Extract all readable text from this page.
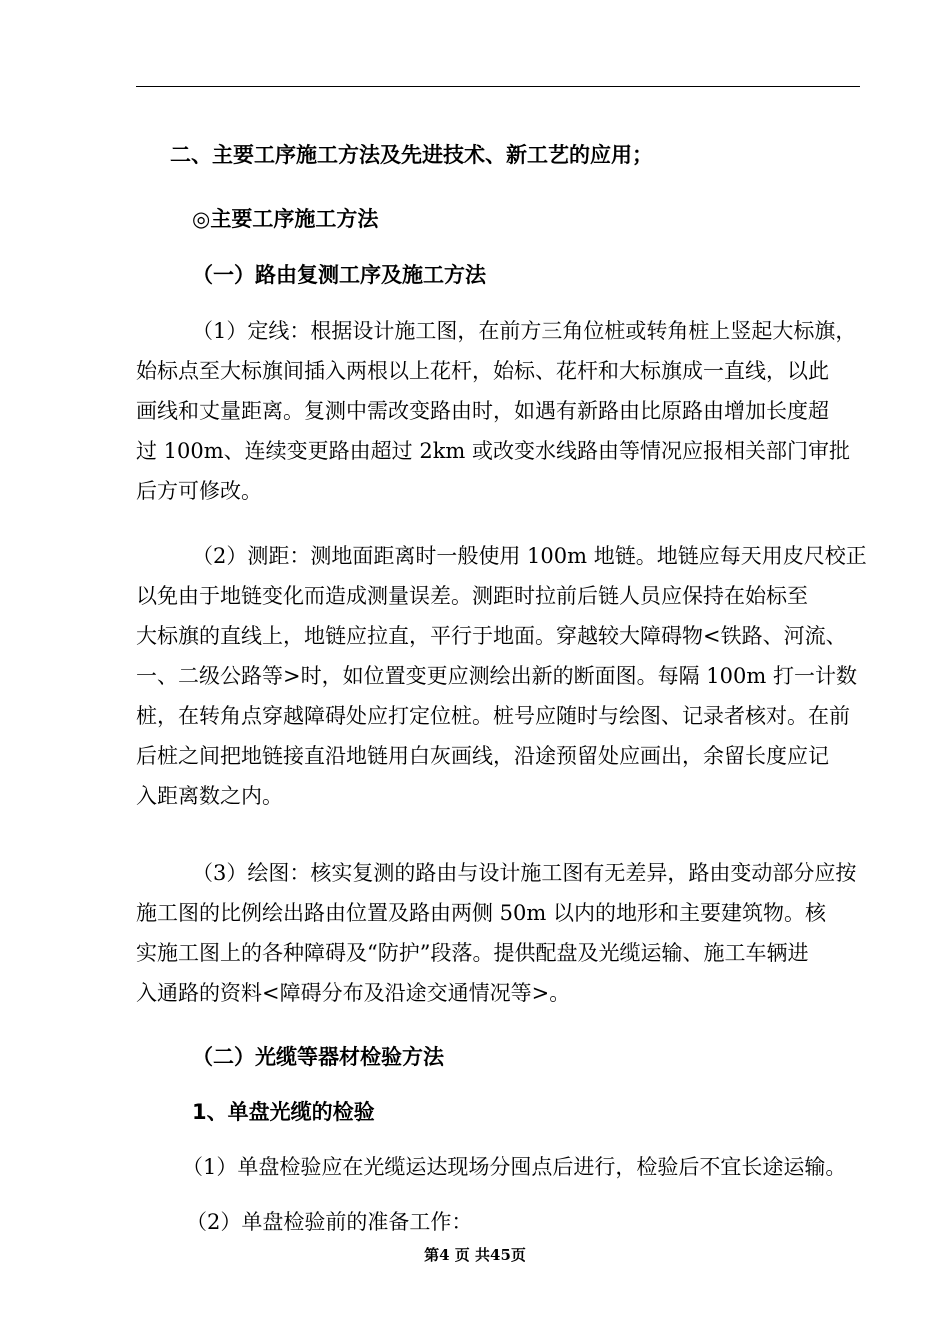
二、主要工序施工方法及先进技术、新工艺的应用；
◎主要工序施工方法
（一）路由复测工序及施工方法
（1）定线：根据设计施工图，在前方三角位桩或转角桩上竖起大标旗，
始标点至大标旗间插入两根以上花杆，始标、花杆和大标旗成一直线，以此
画线和丈量距离。复测中需改变路由时，如遇有新路由比原路由增加长度超
过 100m、连续变更路由超过 2km 或改变水线路由等情况应报相关部门审批
后方可修改。
（2）测距：测地面距离时一般使用 100m 地链。地链应每天用皮尺校正
以免由于地链变化而造成测量误差。测距时拉前后链人员应保持在始标至
大标旗的直线上，地链应拉直，平行于地面。穿越较大障碍物<铁路、河流、
一、二级公路等>时，如位置变更应测绘出新的断面图。每隔 100m 打一计数
桩，在转角点穿越障碍处应打定位桩。桩号应随时与绘图、记录者核对。在前
后桩之间把地链接直沿地链用白灰画线，沿途预留处应画出，余留长度应记
入距离数之内。
（3）绘图：核实复测的路由与设计施工图有无差异，路由变动部分应按
施工图的比例绘出路由位置及路由两侧 50m 以内的地形和主要建筑物。核
实施工图上的各种障碍及“防护”段落。提供配盘及光缆运输、施工车辆进
入通路的资料<障碍分布及沿途交通情况等>。
（二）光缆等器材检验方法
1、单盘光缆的检验
（1）单盘检验应在光缆运达现场分囤点后进行，检验后不宜长途运输。
（2）单盘检验前的准备工作：
第4 页 共45页
